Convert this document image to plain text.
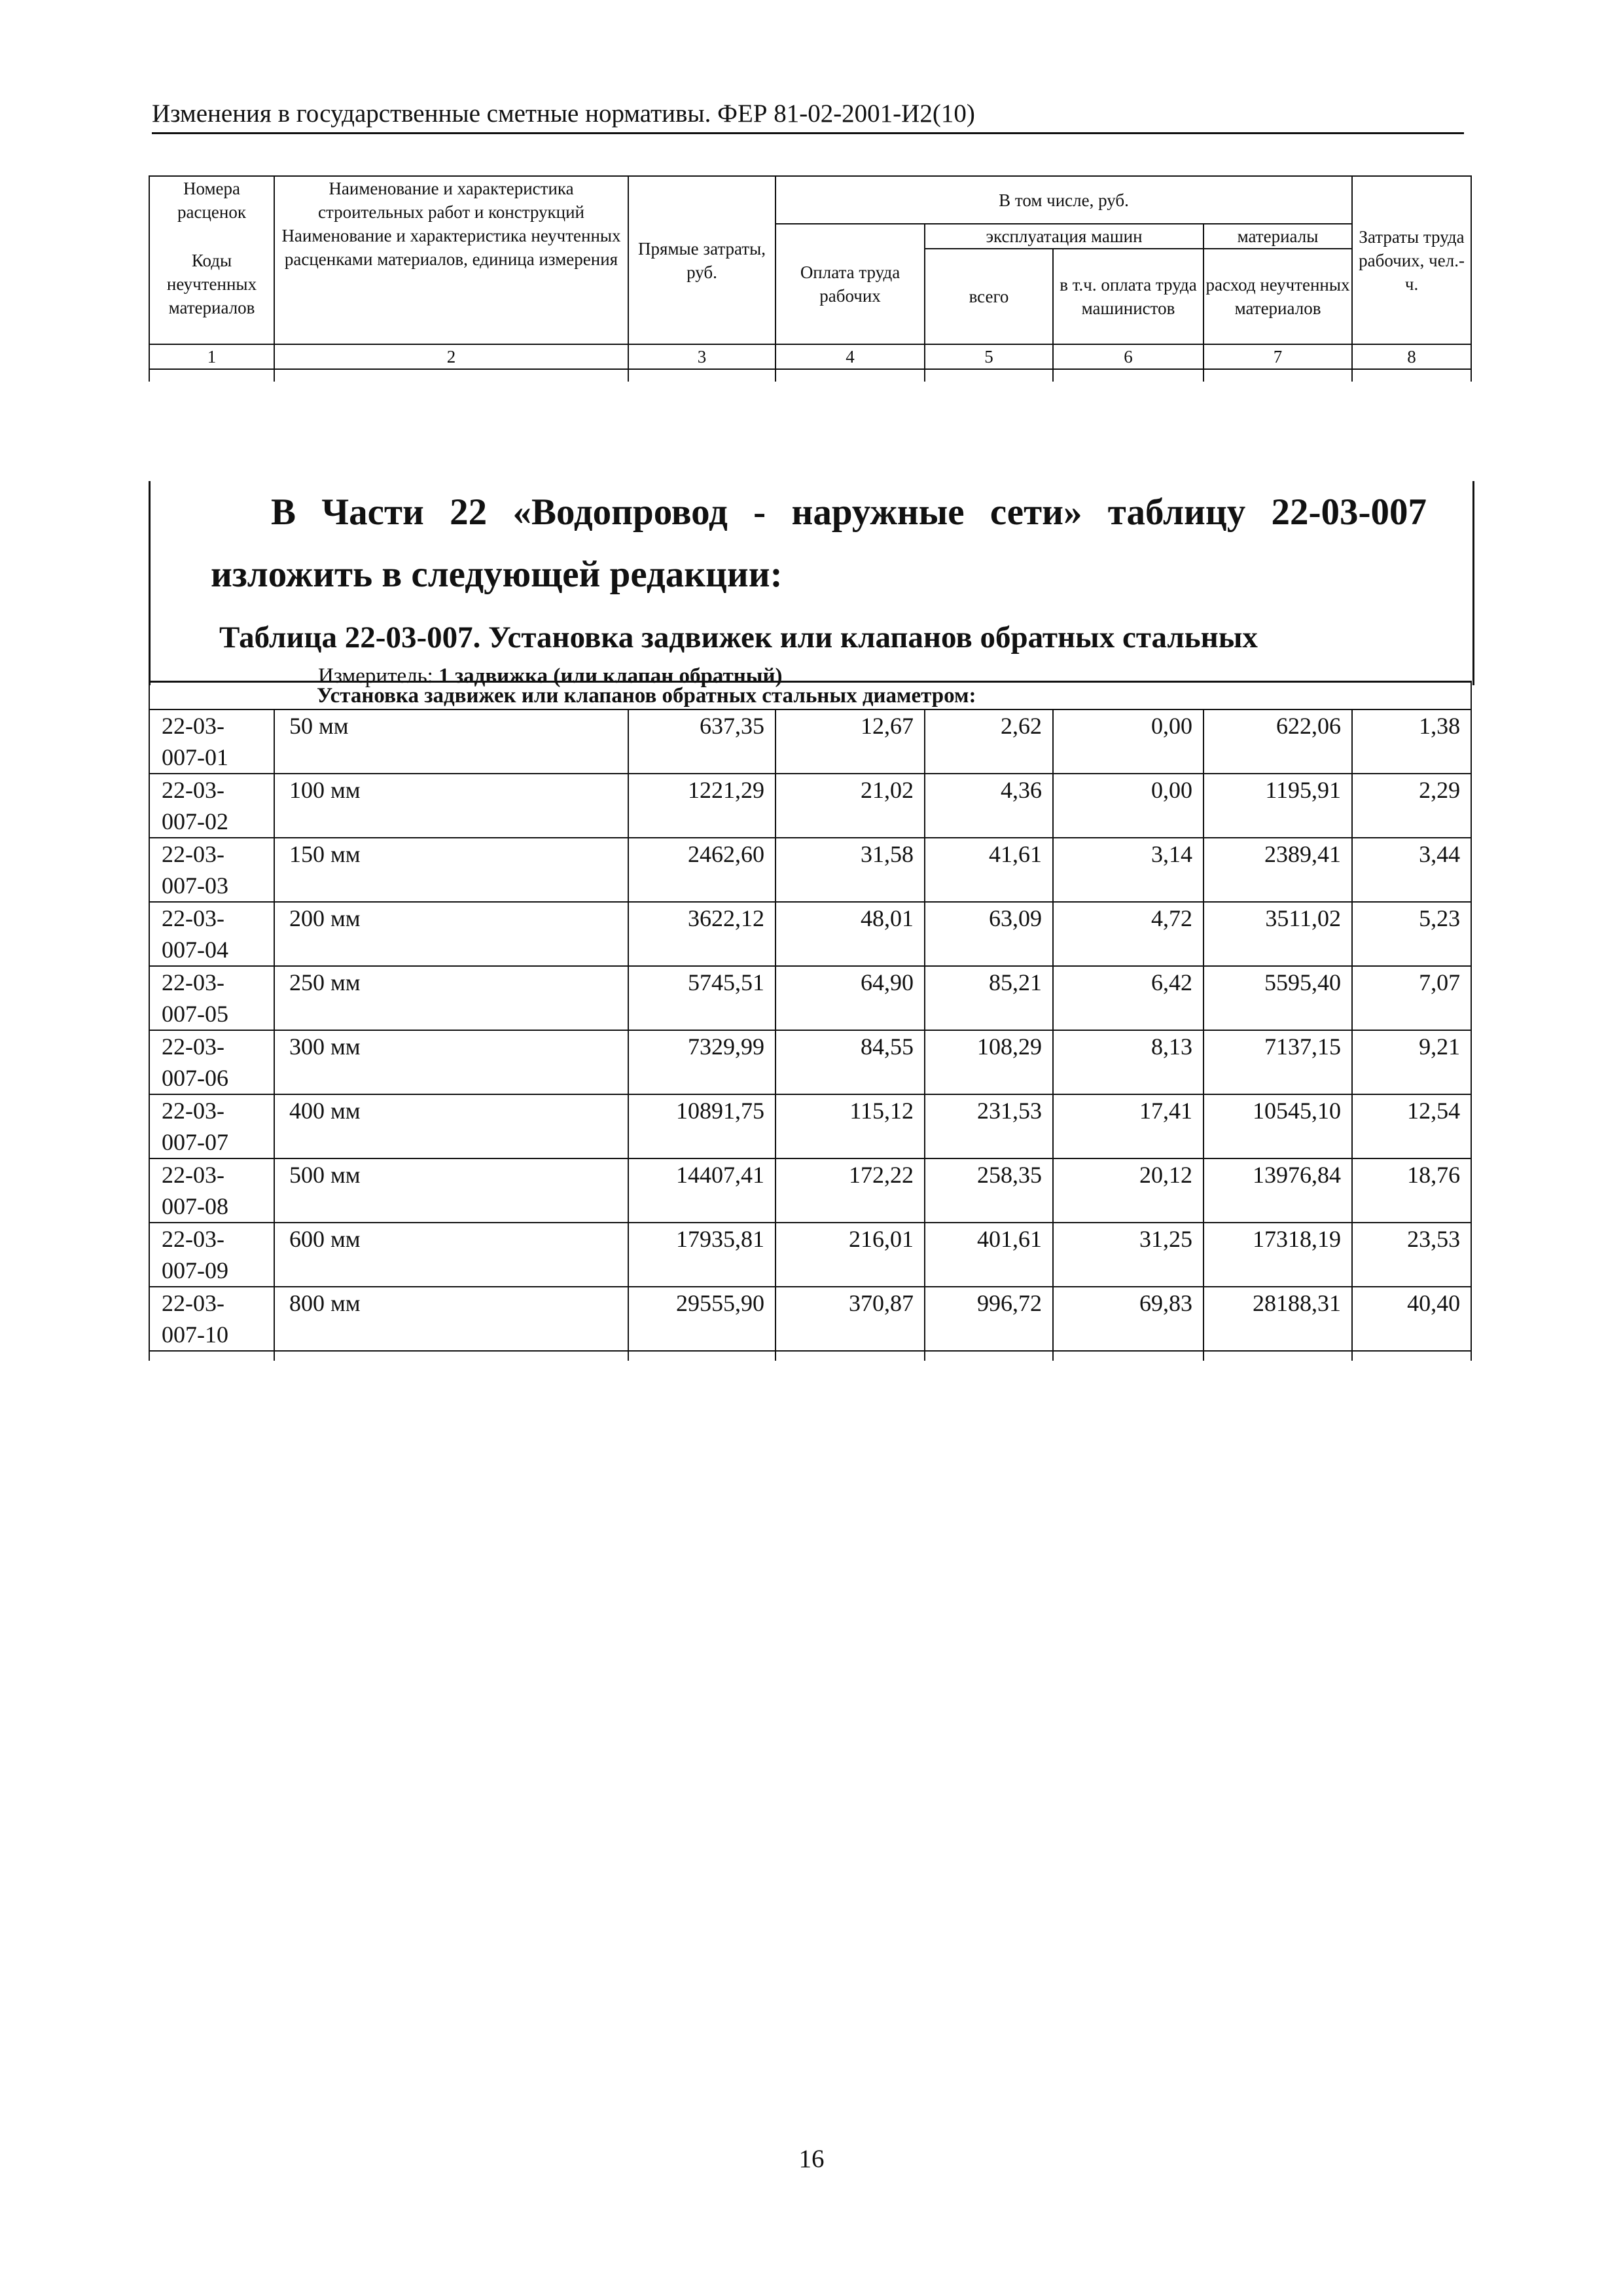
Изменения в государственные сметные нормативы. ФЕР 81-02-2001-И2(10)
Номера расценок	Наименование и характеристика строительных работ и конструкций	Прямые затраты, руб.	В том числе, руб.				Затраты труда рабочих, чел.-ч.
Коды неучтенных материалов	Наименование и характеристика неучтенных расценками материалов, единица измерения		Оплата труда рабочих	эксплуатация машин		материалы	
				всего	в т.ч. оплата труда машинистов	расход неучтенных материалов	

1	2	3	4	5	6	7	8

В Части 22 «Водопровод - наружные сети» таблицу 22-03-007
изложить в следующей редакции:
Таблица 22-03-007. Установка задвижек или клапанов обратных стальных
Измеритель: 1 задвижка (или клапан обратный)
Установка задвижек или клапанов обратных стальных диаметром:							
22-03-
007-01	50 мм	637,35	12,67	2,62	0,00	622,06	1,38
22-03-
007-02	100 мм	1221,29	21,02	4,36	0,00	1195,91	2,29
22-03-
007-03	150 мм	2462,60	31,58	41,61	3,14	2389,41	3,44
22-03-
007-04	200 мм	3622,12	48,01	63,09	4,72	3511,02	5,23
22-03-
007-05	250 мм	5745,51	64,90	85,21	6,42	5595,40	7,07
22-03-
007-06	300 мм	7329,99	84,55	108,29	8,13	7137,15	9,21
22-03-
007-07	400 мм	10891,75	115,12	231,53	17,41	10545,10	12,54
22-03-
007-08	500 мм	14407,41	172,22	258,35	20,12	13976,84	18,76
22-03-
007-09	600 мм	17935,81	216,01	401,61	31,25	17318,19	23,53
22-03-
007-10	800 мм	29555,90	370,87	996,72	69,83	28188,31	40,40

16
